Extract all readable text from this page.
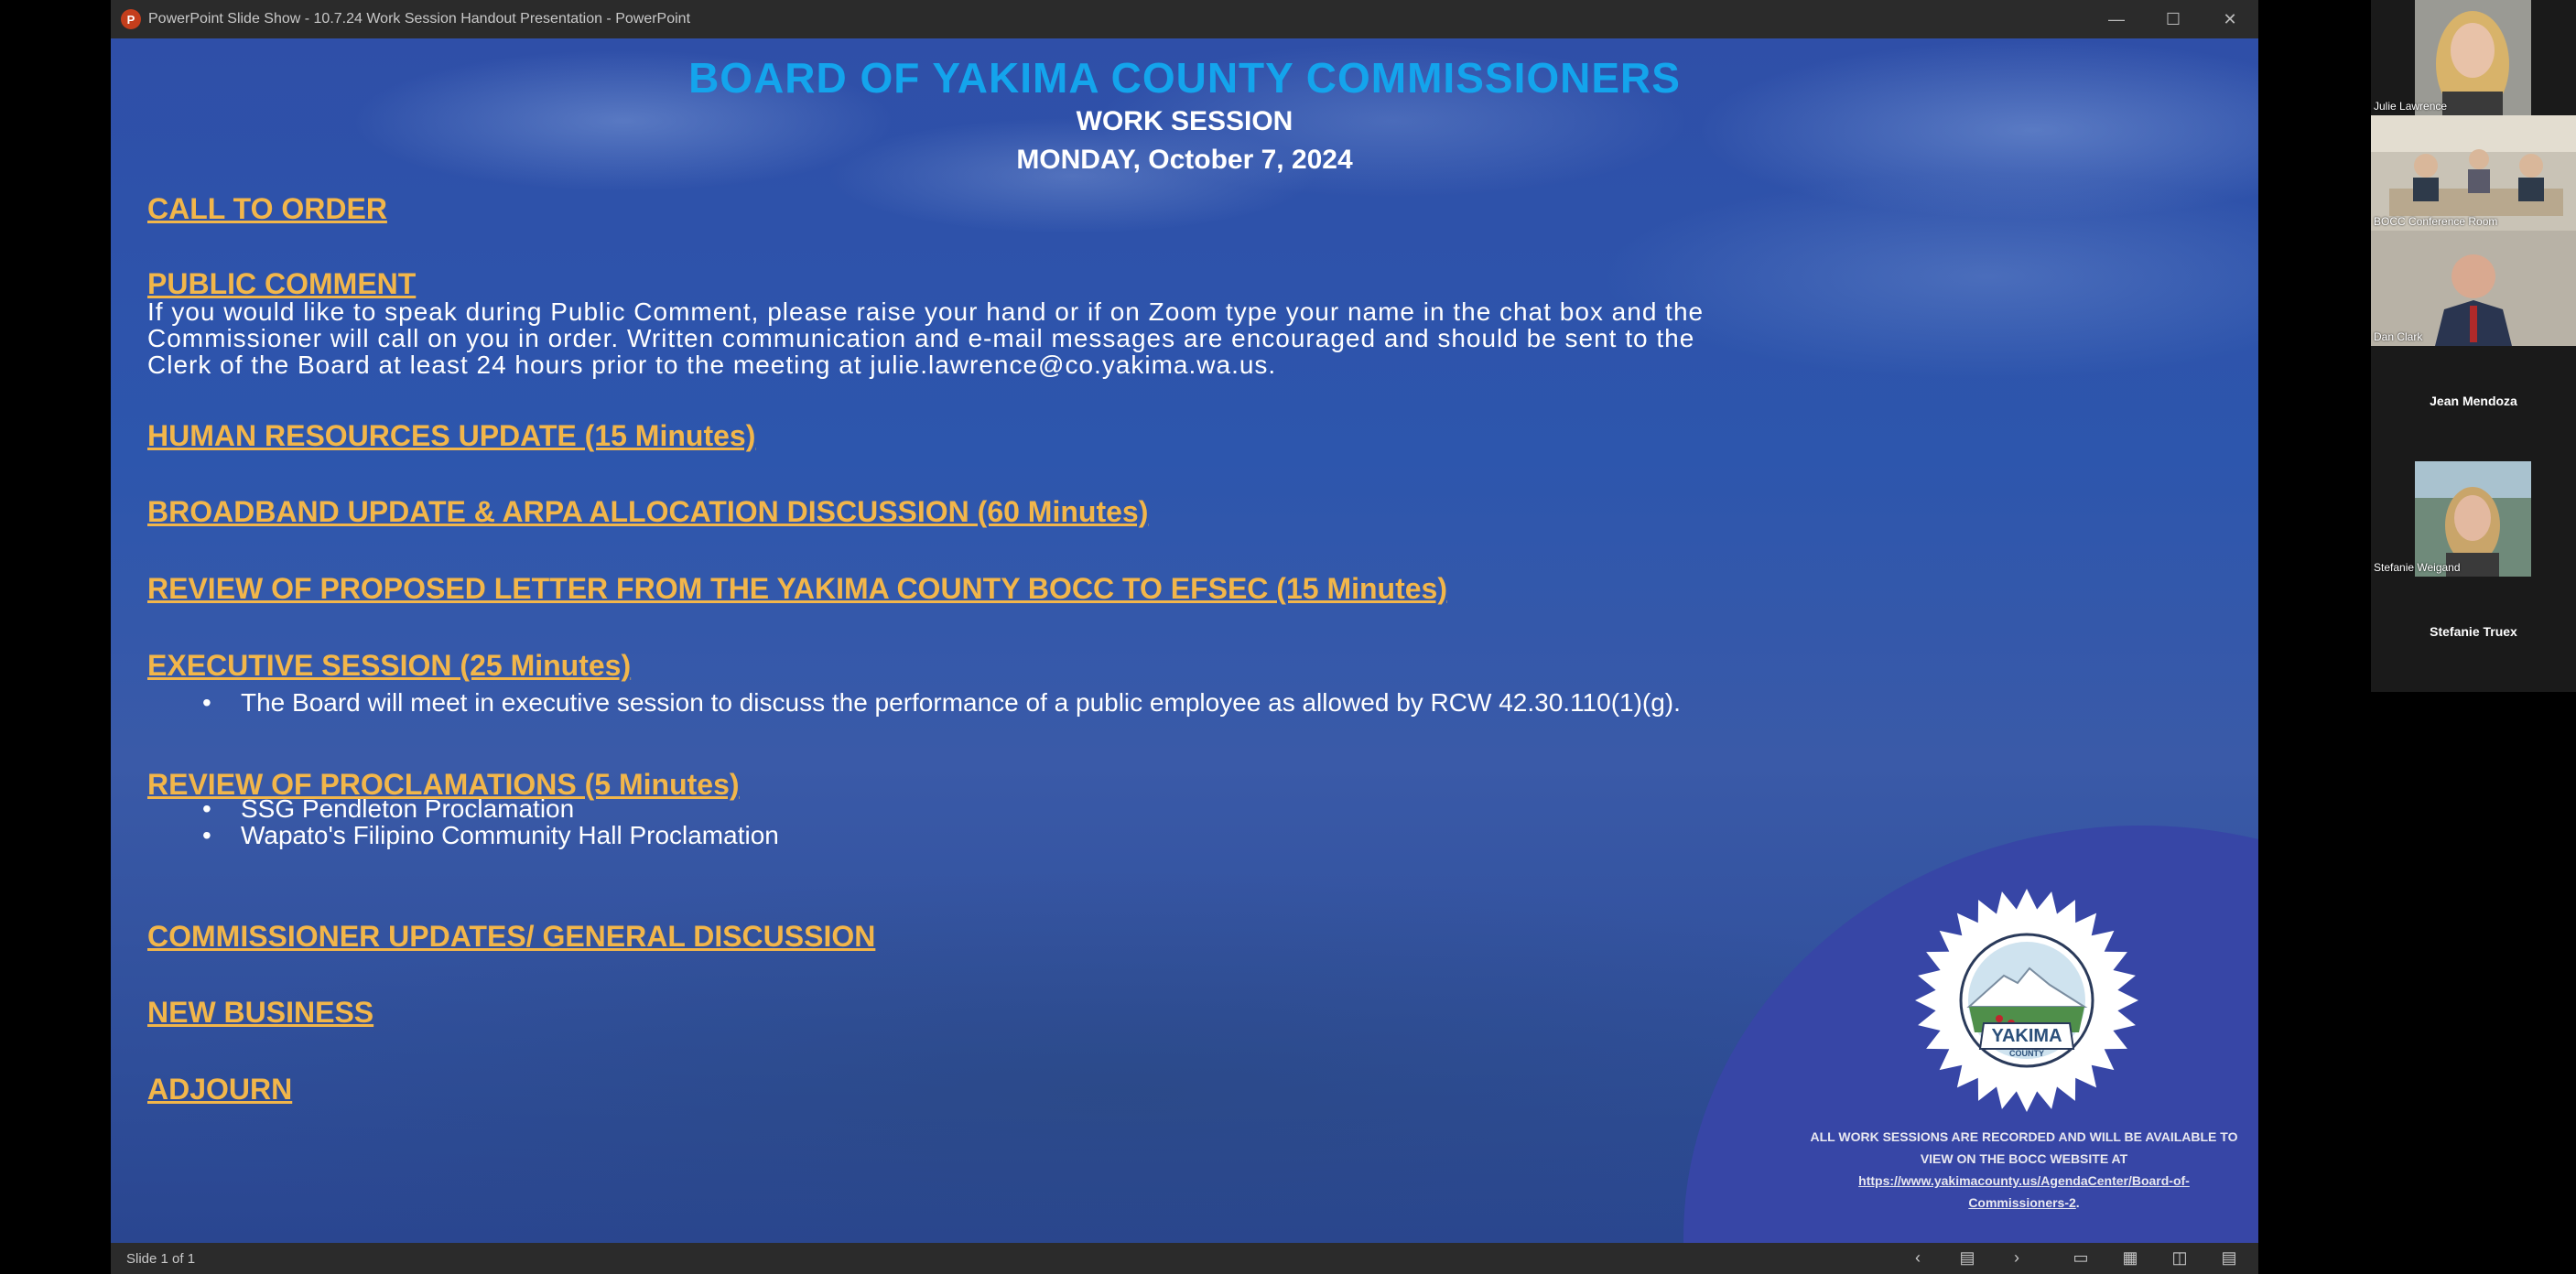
P PowerPoint Slide Show - 10.7.24 Work Session Handout Presentation - PowerPoint	—	☐	✕
BOARD OF YAKIMA COUNTY COMMISSIONERS
WORK SESSION
MONDAY, October 7, 2024
CALL TO ORDER
PUBLIC COMMENT
If you would like to speak during Public Comment, please raise your hand or if on Zoom type your name in the chat box and the
Commissioner will call on you in order. Written communication and e-mail messages are encouraged and should be sent to the
Clerk of the Board at least 24 hours prior to the meeting at julie.lawrence@co.yakima.wa.us.
HUMAN RESOURCES UPDATE (15 Minutes)
BROADBAND UPDATE & ARPA ALLOCATION DISCUSSION (60 Minutes)
REVIEW OF PROPOSED LETTER FROM THE YAKIMA COUNTY BOCC TO EFSEC (15 Minutes)
EXECUTIVE SESSION (25 Minutes)
• The Board will meet in executive session to discuss the performance of a public employee as allowed by RCW 42.30.110(1)(g).
REVIEW OF PROCLAMATIONS (5 Minutes)
• SSG Pendleton Proclamation
• Wapato's Filipino Community Hall Proclamation
COMMISSIONER UPDATES/ GENERAL DISCUSSION
NEW BUSINESS
ADJOURN
YAKIMA
COUNTY
ALL WORK SESSIONS ARE RECORDED AND WILL BE AVAILABLE TO
VIEW ON THE BOCC WEBSITE AT
https://www.yakimacounty.us/AgendaCenter/Board-of-
Commissioners-2.
Slide 1 of 1	‹	▤	›	▭ ▦ ◫ ▤
Julie Lawrence
BOCC Conference Room
Dan Clark
Jean Mendoza
Stefanie Weigand
Stefanie Truex
